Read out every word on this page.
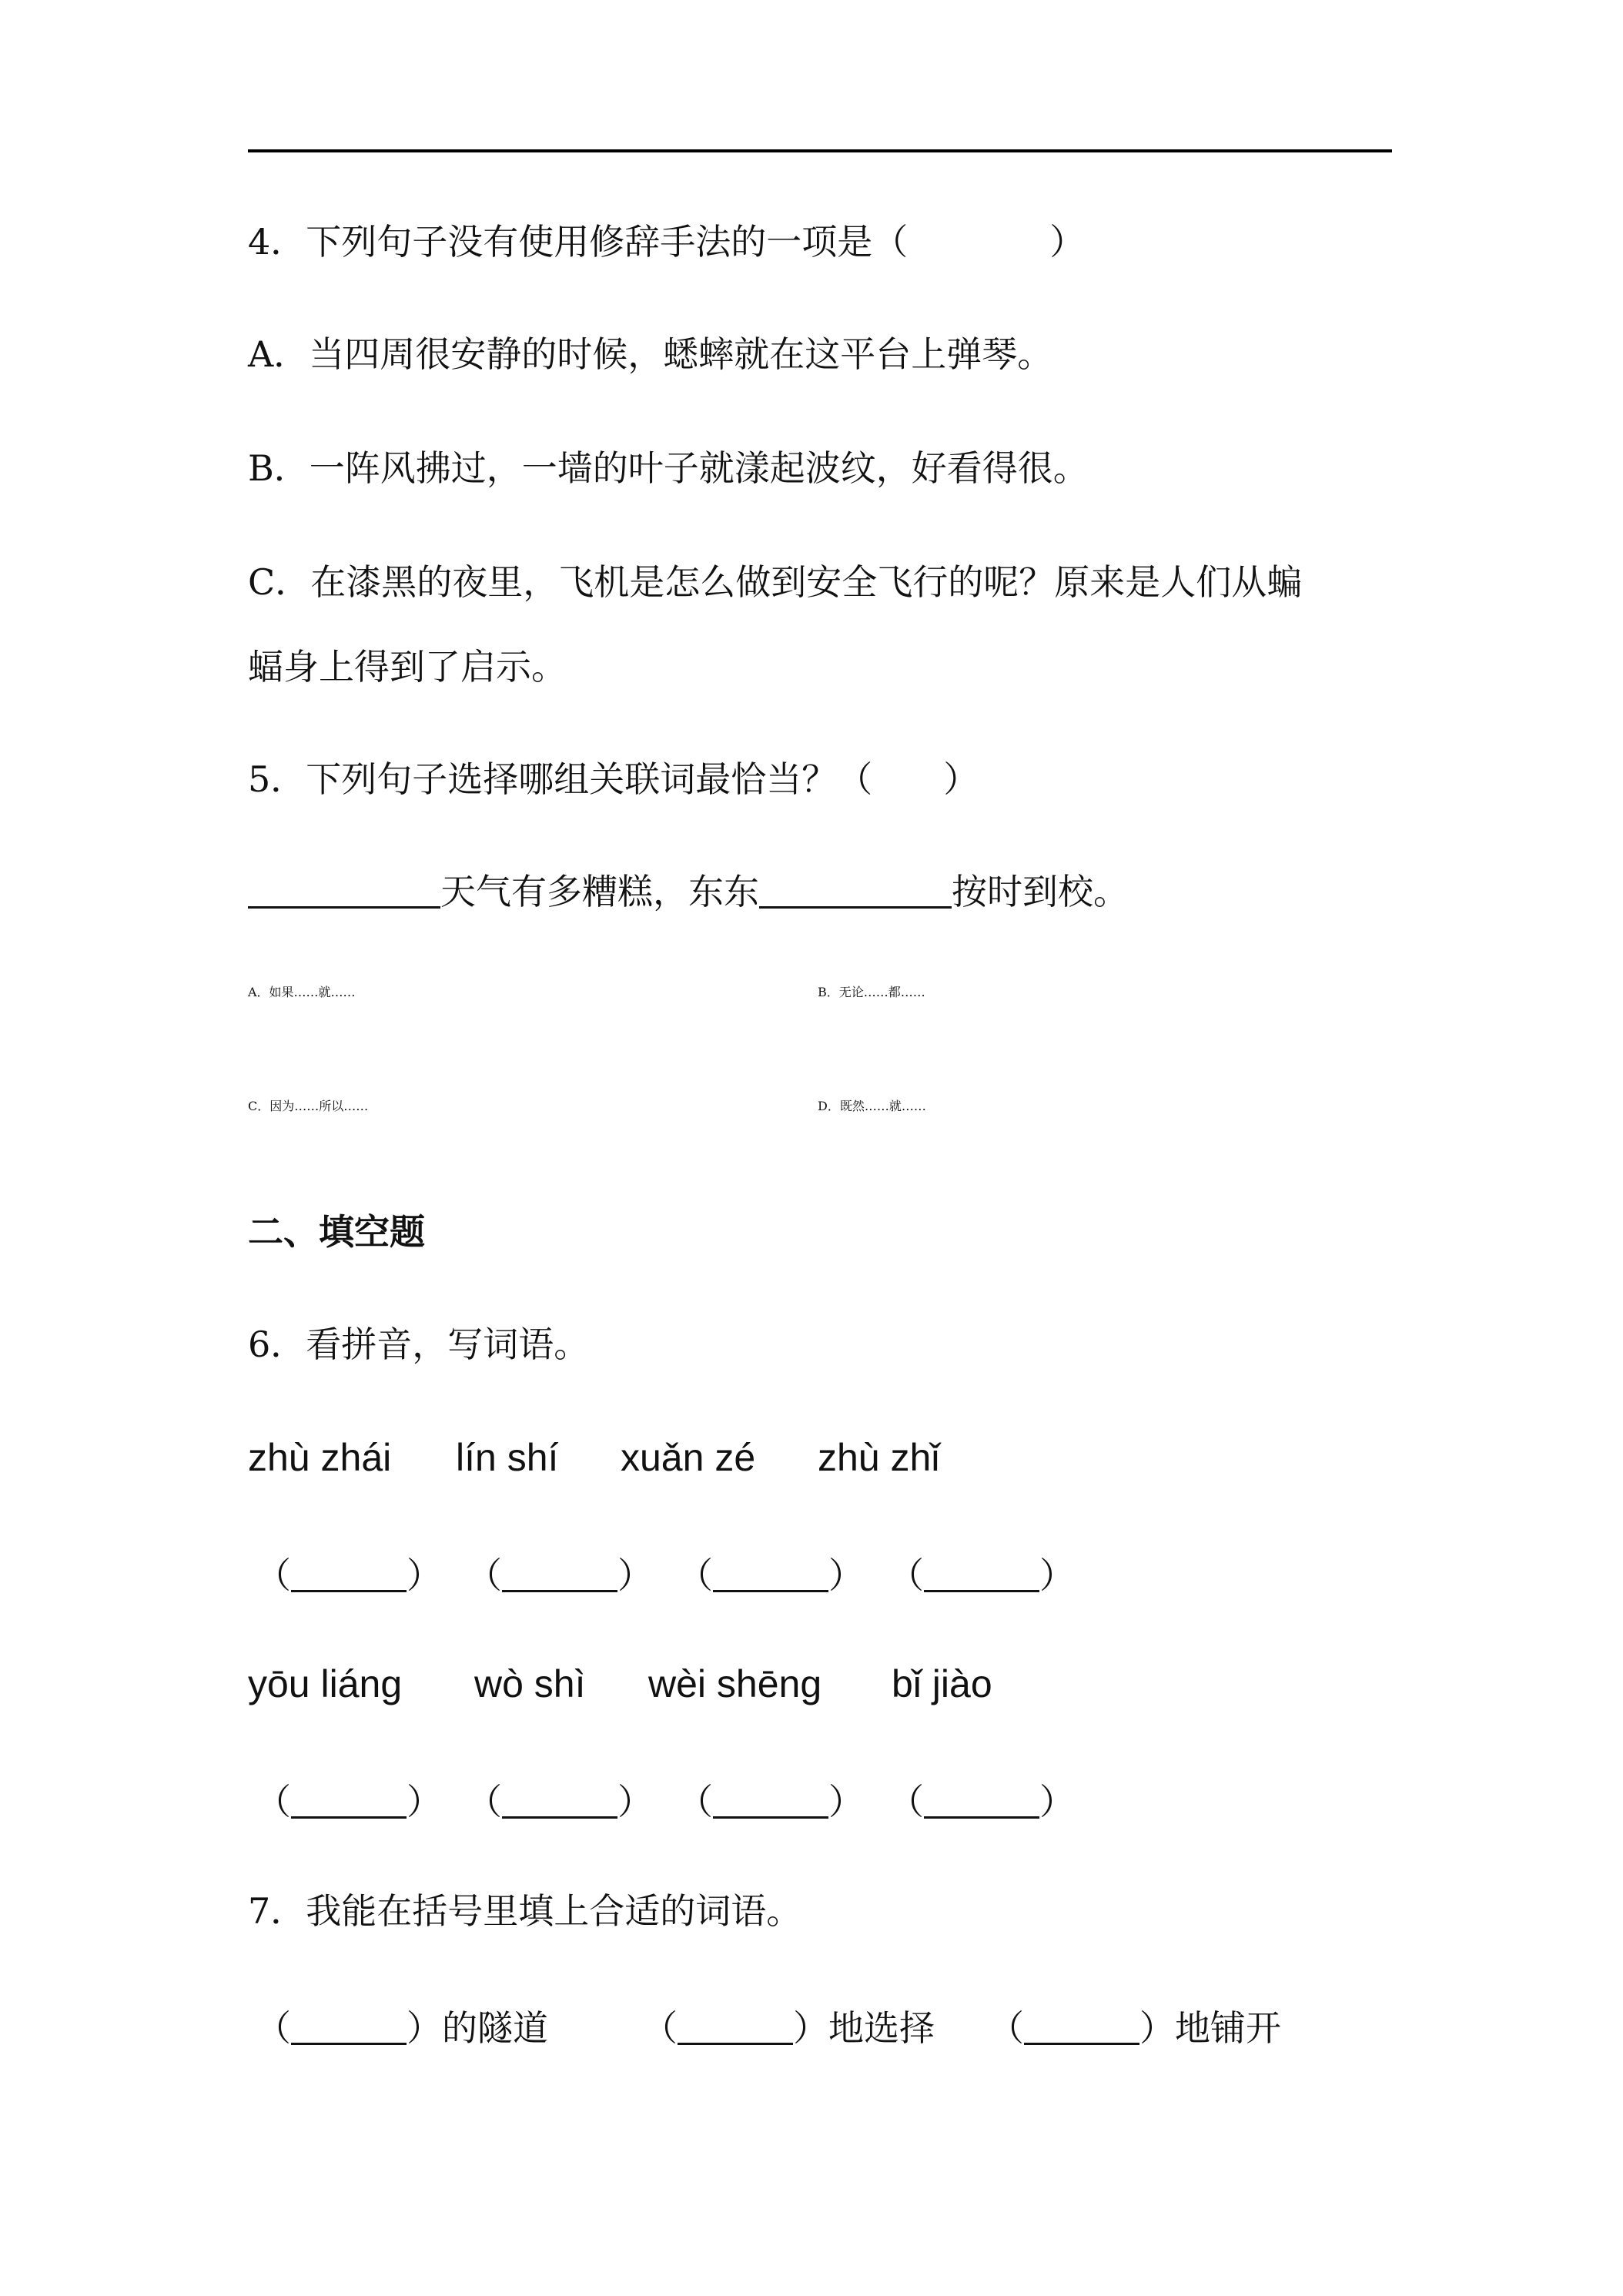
4．下列句子没有使用修辞手法的一项是（　　　　）
A．当四周很安静的时候，蟋蟀就在这平台上弹琴。
B．一阵风拂过，一墙的叶子就漾起波纹，好看得很。
C．在漆黑的夜里，飞机是怎么做到安全飞行的呢？原来是人们从蝙
蝠身上得到了启示。
5．下列句子选择哪组关联词最恰当？（　　）
天气有多糟糕，东东	按时到校。
A．如果……就……	B．无论……都……
C．因为……所以……	D．既然……就……
二、填空题
6．看拼音，写词语。
zhù zhái lín shí xuǎn zé zhù zhǐ
（	） （	） （	） （	）
yōu liáng wò shì wèi shēng bǐ jiào
（	） （	） （	） （	）
7．我能在括号里填上合适的词语。
（	）的隧道	（	）地选择 （	）地铺开
